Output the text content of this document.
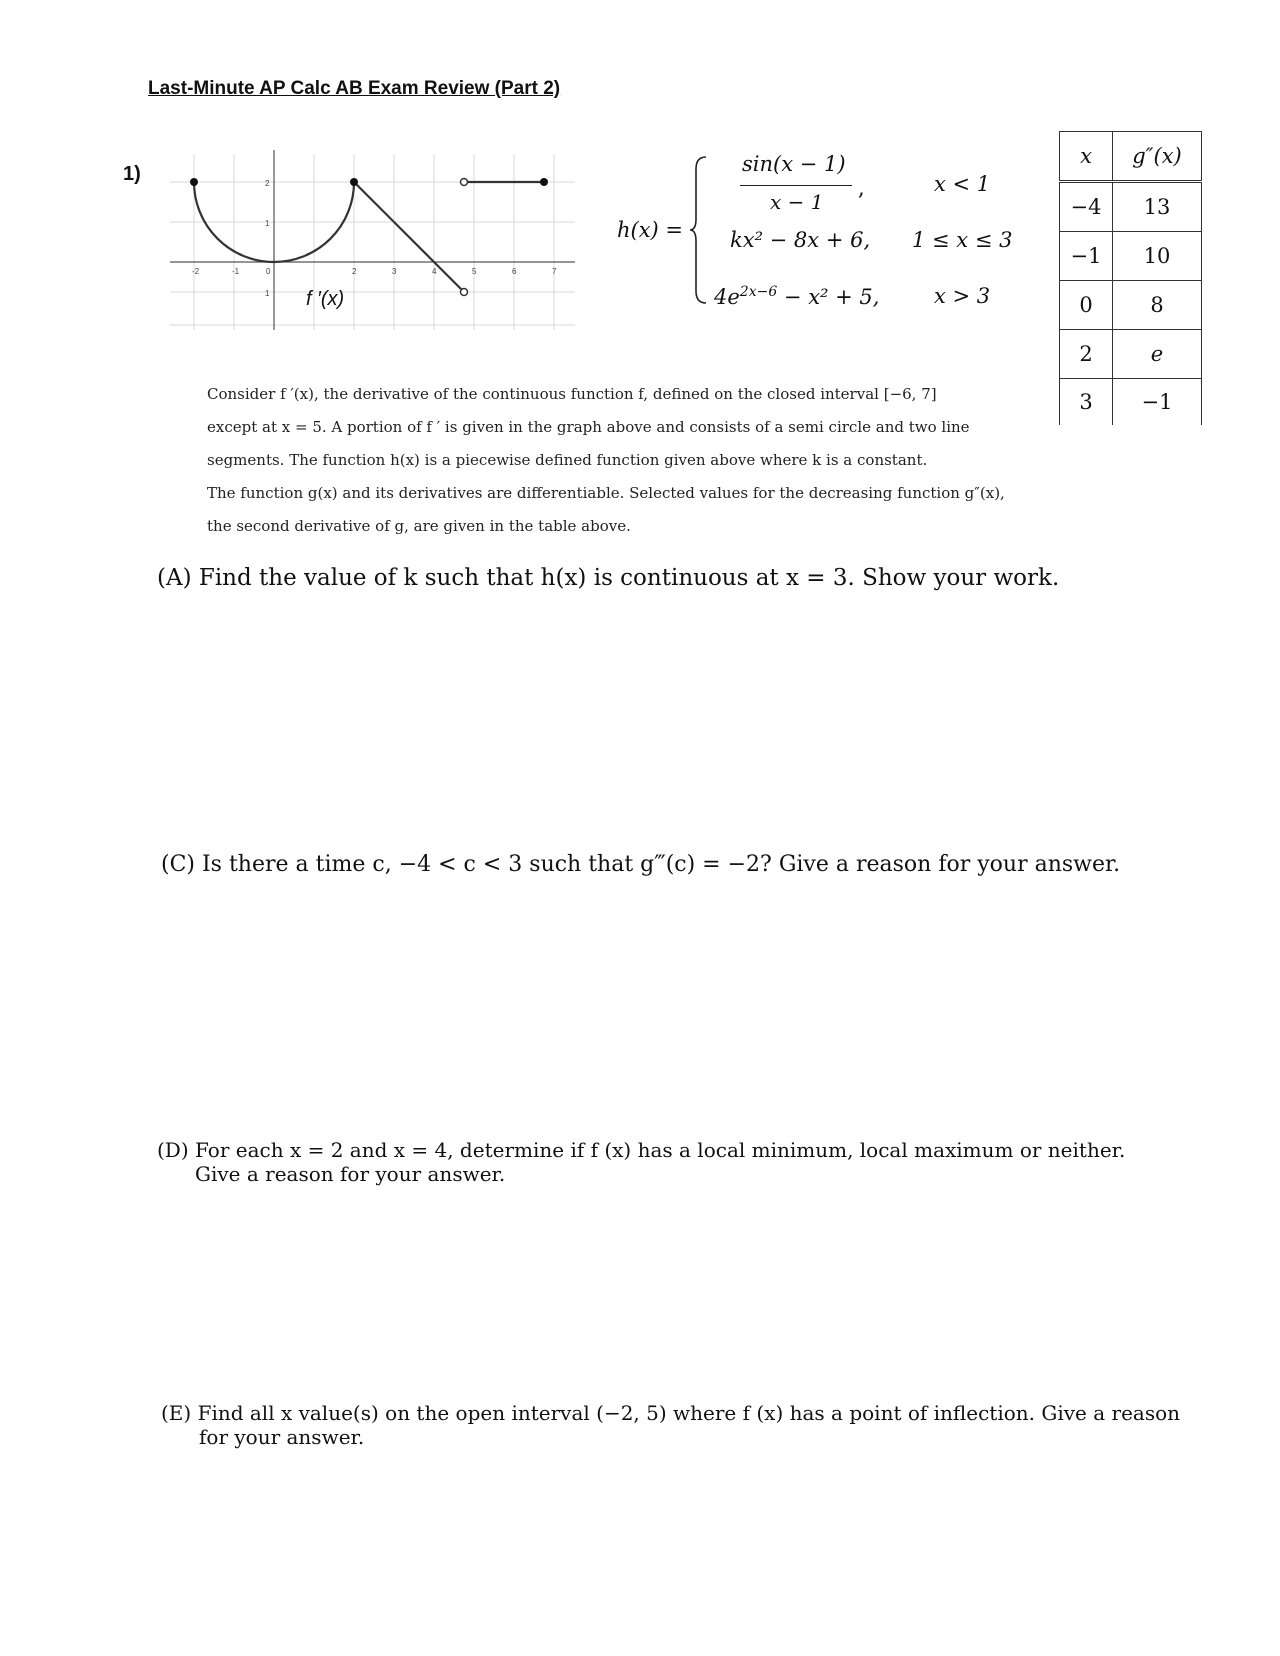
Last-Minute AP Calc AB Exam Review (Part 2)
1)
-2	-1	0	2	3	4	5	6	7
2
1
1 f ′(x)
h(x) =
sin(x − 1)
x − 1
,	x < 1
kx² − 8x + 6, 1 ≤ x ≤ 3
$4e^{2x-6} - x^2 + 5$,	x > 3
x	g″(x)
−4	13
−1	10
0	8
2	e
3	−1

Consider f ′(x), the derivative of the continuous function f, defined on the closed interval [−6, 7]

except at x = 5. A portion of f ′ is given in the graph above and consists of a semi circle and two line

segments. The function h(x) is a piecewise defined function given above where k is a constant.

The function g(x) and its derivatives are differentiable. Selected values for the decreasing function g″(x),

the second derivative of g, are given in the table above.

(A) Find the value of k such that h(x) is continuous at x = 3. Show your work.
(C) Is there a time c, −4 < c < 3 such that g‴(c) = −2? Give a reason for your answer.
(D) For each x = 2 and x = 4, determine if f (x) has a local minimum, local maximum or neither.
Give a reason for your answer.
(E) Find all x value(s) on the open interval (−2, 5) where f (x) has a point of inflection. Give a reason
for your answer.
